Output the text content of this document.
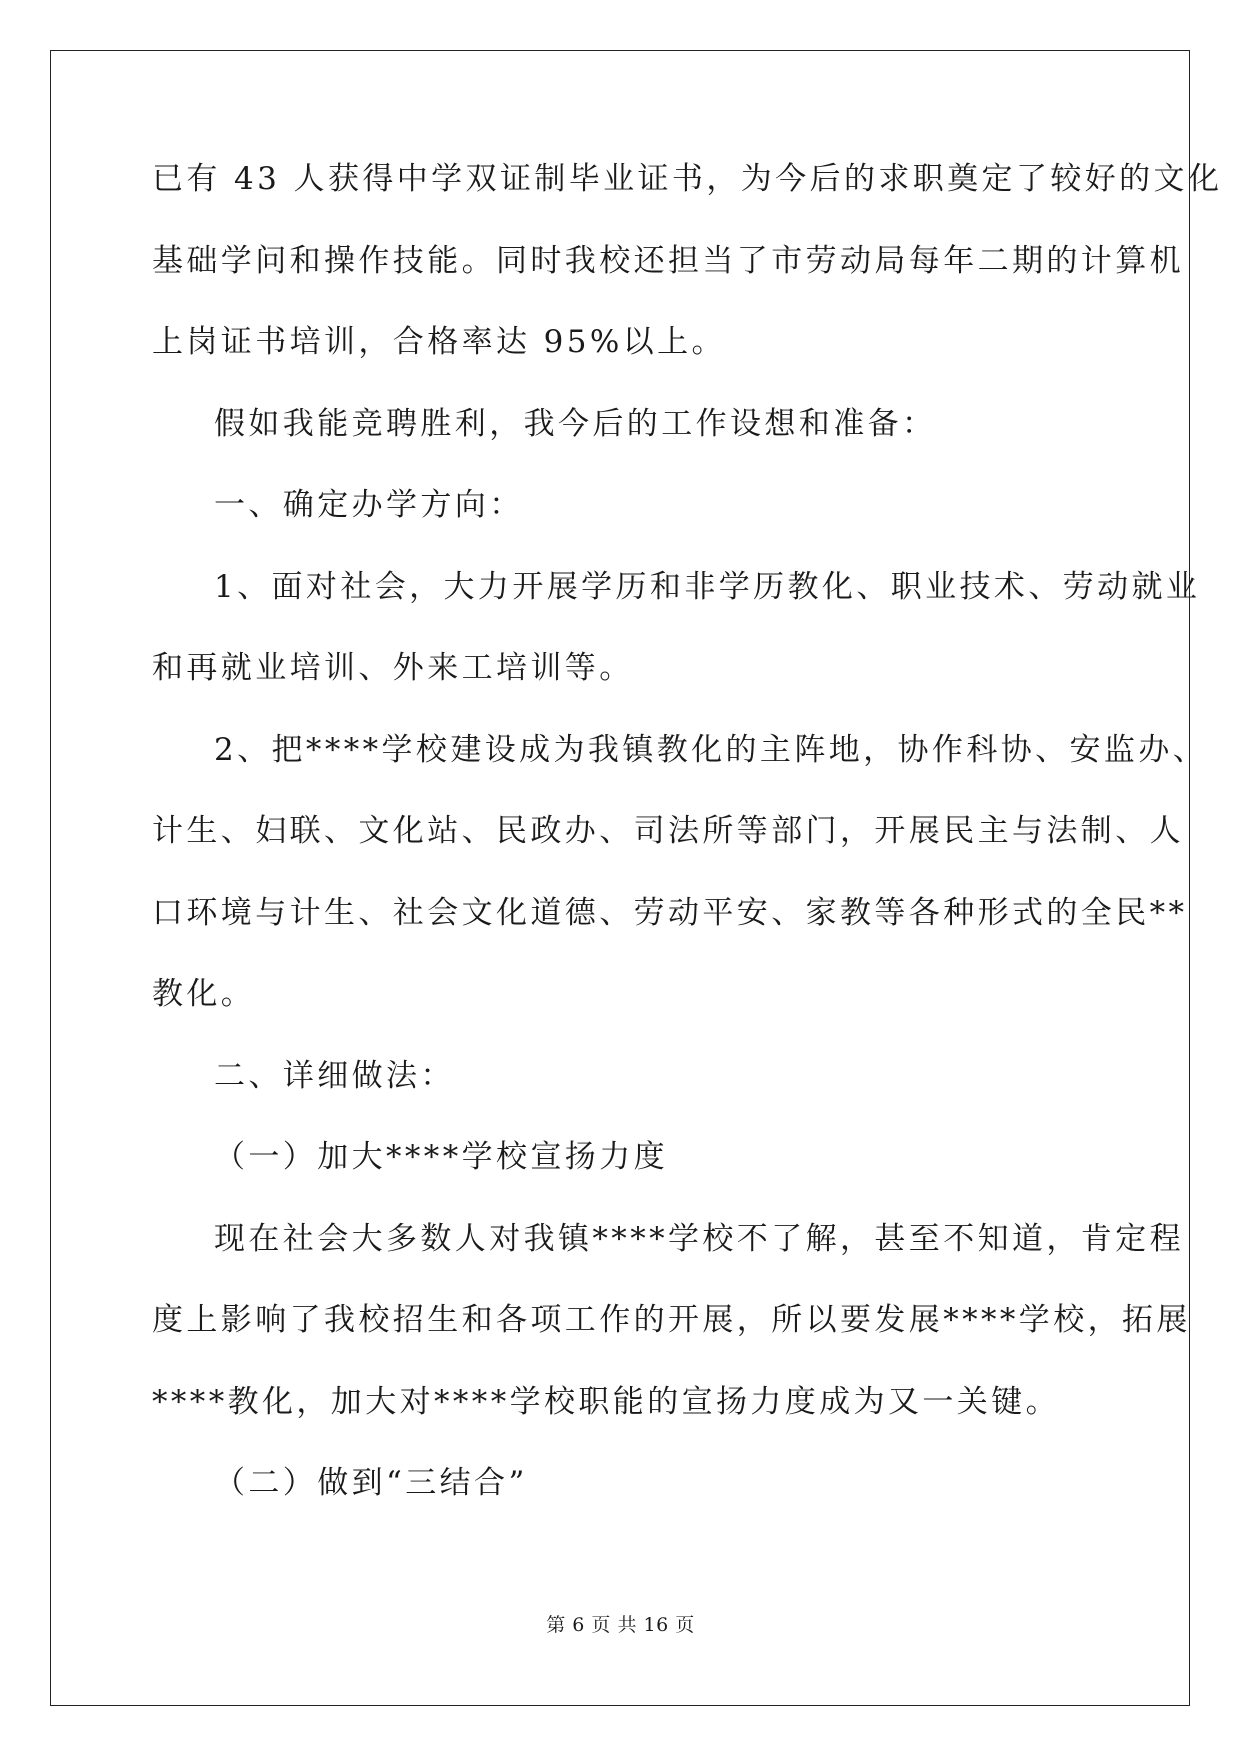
已有 43 人获得中学双证制毕业证书，为今后的求职奠定了较好的文化
基础学问和操作技能。同时我校还担当了市劳动局每年二期的计算机
上岗证书培训，合格率达 95%以上。
假如我能竞聘胜利，我今后的工作设想和准备：
一、确定办学方向：
1、面对社会，大力开展学历和非学历教化、职业技术、劳动就业
和再就业培训、外来工培训等。
2、把****学校建设成为我镇教化的主阵地，协作科协、安监办、
计生、妇联、文化站、民政办、司法所等部门，开展民主与法制、人
口环境与计生、社会文化道德、劳动平安、家教等各种形式的全民**
教化。
二、详细做法：
（一）加大****学校宣扬力度
现在社会大多数人对我镇****学校不了解，甚至不知道，肯定程
度上影响了我校招生和各项工作的开展，所以要发展****学校，拓展
****教化，加大对****学校职能的宣扬力度成为又一关键。
（二）做到“三结合”
第 6 页 共 16 页
